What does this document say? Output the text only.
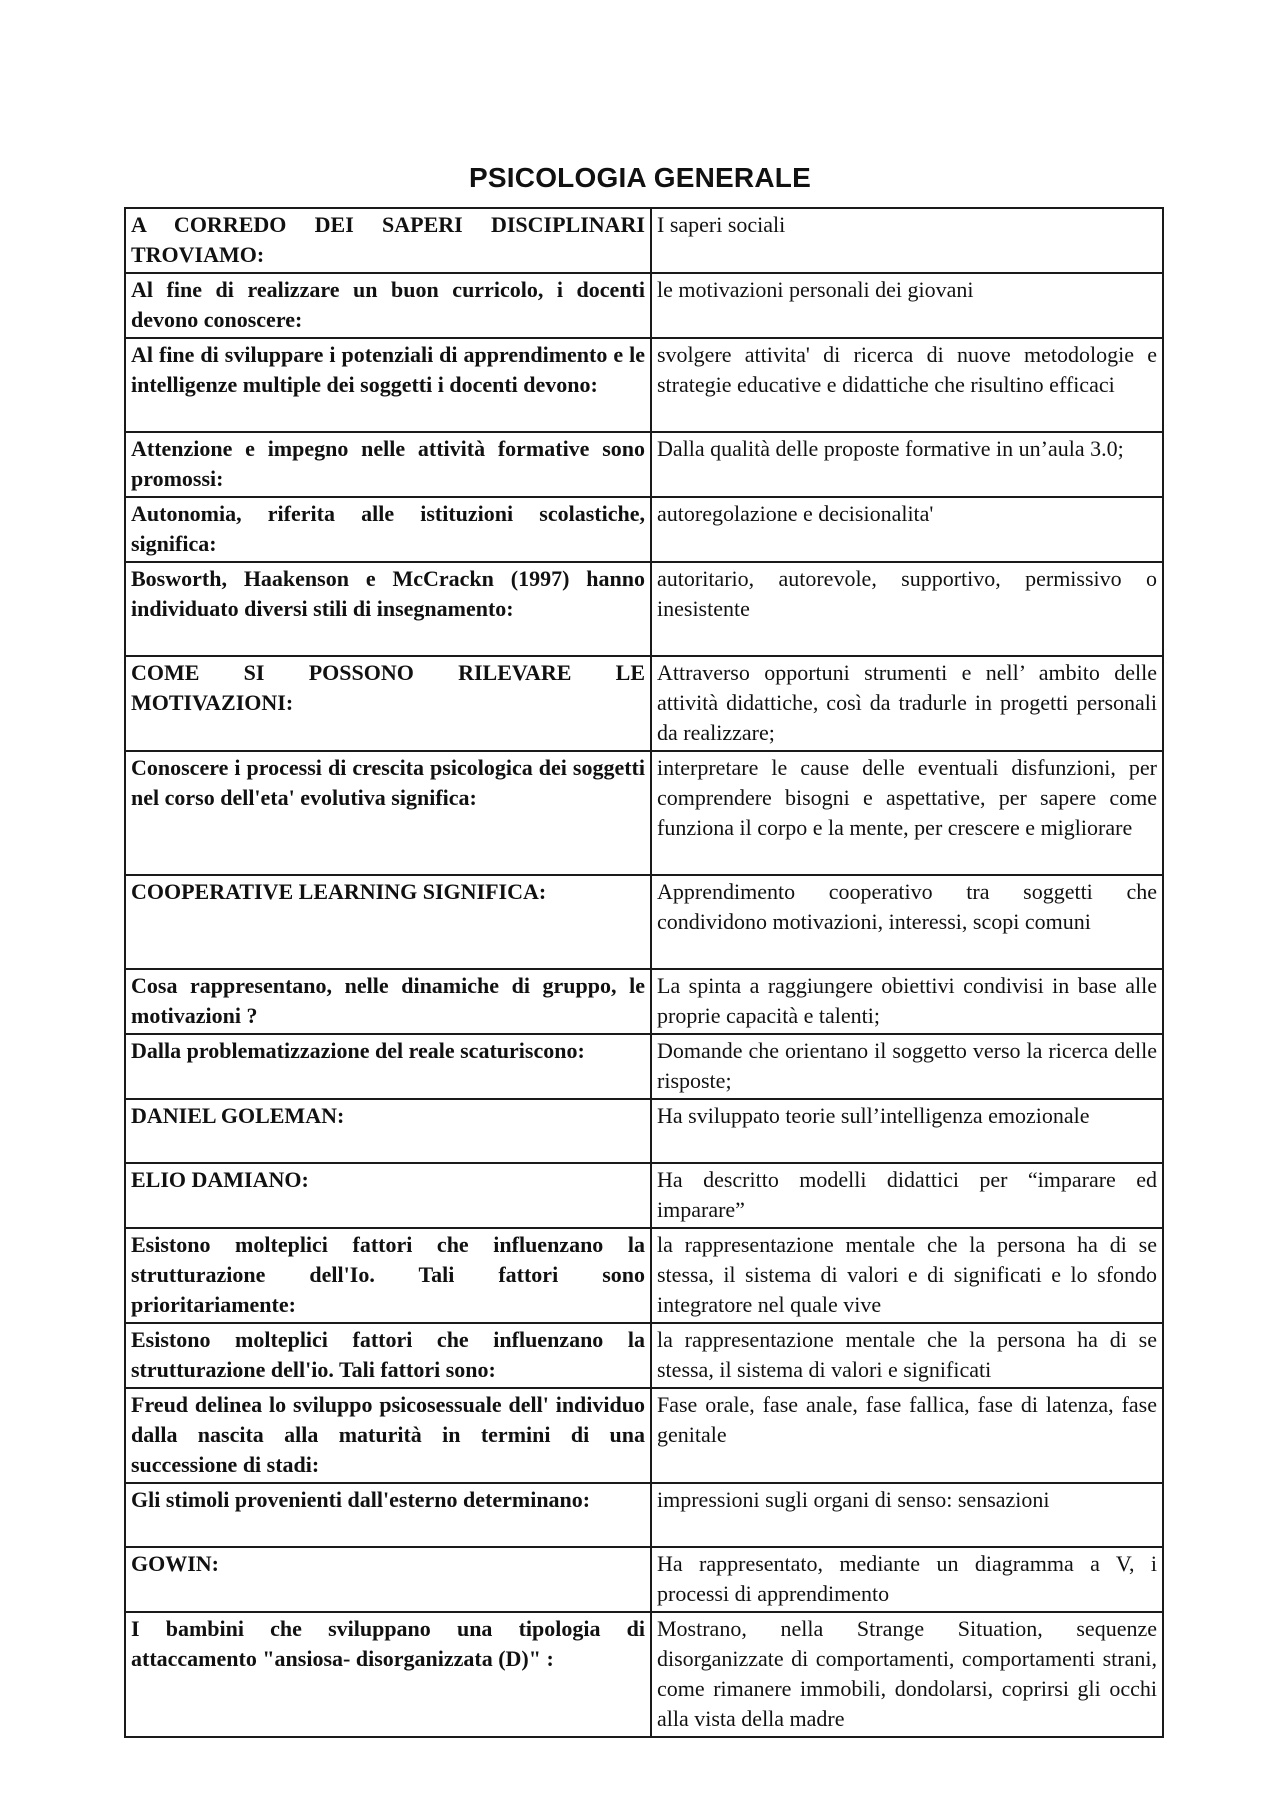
PSICOLOGIA GENERALE
A CORREDO DEI SAPERI DISCIPLINARI TROVIAMO:	I saperi sociali
Al fine di realizzare un buon curricolo, i docenti devono conoscere:	le motivazioni personali dei giovani
Al fine di sviluppare i potenziali di apprendimento e le intelligenze multiple dei soggetti i docenti devono:	svolgere attivita' di ricerca di nuove metodologie e strategie educative e didattiche che risultino efficaci
Attenzione e impegno nelle attività formative sono promossi:	Dalla qualità delle proposte formative in un’aula 3.0;
Autonomia, riferita alle istituzioni scolastiche, significa:	autoregolazione e decisionalita'
Bosworth, Haakenson e McCrackn (1997) hanno individuato diversi stili di insegnamento:	autoritario, autorevole, supportivo, permissivo o inesistente
COME SI POSSONO RILEVARE LE MOTIVAZIONI:	Attraverso opportuni strumenti e nell’ ambito delle attività didattiche, così da tradurle in progetti personali da realizzare;
Conoscere i processi di crescita psicologica dei soggetti nel corso dell'eta' evolutiva significa:	interpretare le cause delle eventuali disfunzioni, per comprendere bisogni e aspettative, per sapere come funziona il corpo e la mente, per crescere e migliorare
COOPERATIVE LEARNING SIGNIFICA:	Apprendimento cooperativo tra soggetti che condividono motivazioni, interessi, scopi comuni
Cosa rappresentano, nelle dinamiche di gruppo, le motivazioni ?	La spinta a raggiungere obiettivi condivisi in base alle proprie capacità e talenti;
Dalla problematizzazione del reale scaturiscono:	Domande che orientano il soggetto verso la ricerca delle risposte;
DANIEL GOLEMAN:	Ha sviluppato teorie sull’intelligenza emozionale
ELIO DAMIANO:	Ha descritto modelli didattici per “imparare ed imparare”
Esistono molteplici fattori che influenzano la strutturazione dell'Io. Tali fattori sono prioritariamente:	la rappresentazione mentale che la persona ha di se stessa, il sistema di valori e di significati e lo sfondo integratore nel quale vive
Esistono molteplici fattori che influenzano la strutturazione dell'io. Tali fattori sono:	la rappresentazione mentale che la persona ha di se stessa, il sistema di valori e significati
Freud delinea lo sviluppo psicosessuale dell' individuo dalla nascita alla maturità in termini di una successione di stadi:	Fase orale, fase anale, fase fallica, fase di latenza, fase genitale
Gli stimoli provenienti dall'esterno determinano:	impressioni sugli organi di senso: sensazioni
GOWIN:	Ha rappresentato, mediante un diagramma a V, i processi di apprendimento
I bambini che sviluppano una tipologia di attaccamento "ansiosa- disorganizzata (D)" :	Mostrano, nella Strange Situation, sequenze disorganizzate di comportamenti, comportamenti strani, come rimanere immobili, dondolarsi, coprirsi gli occhi alla vista della madre
